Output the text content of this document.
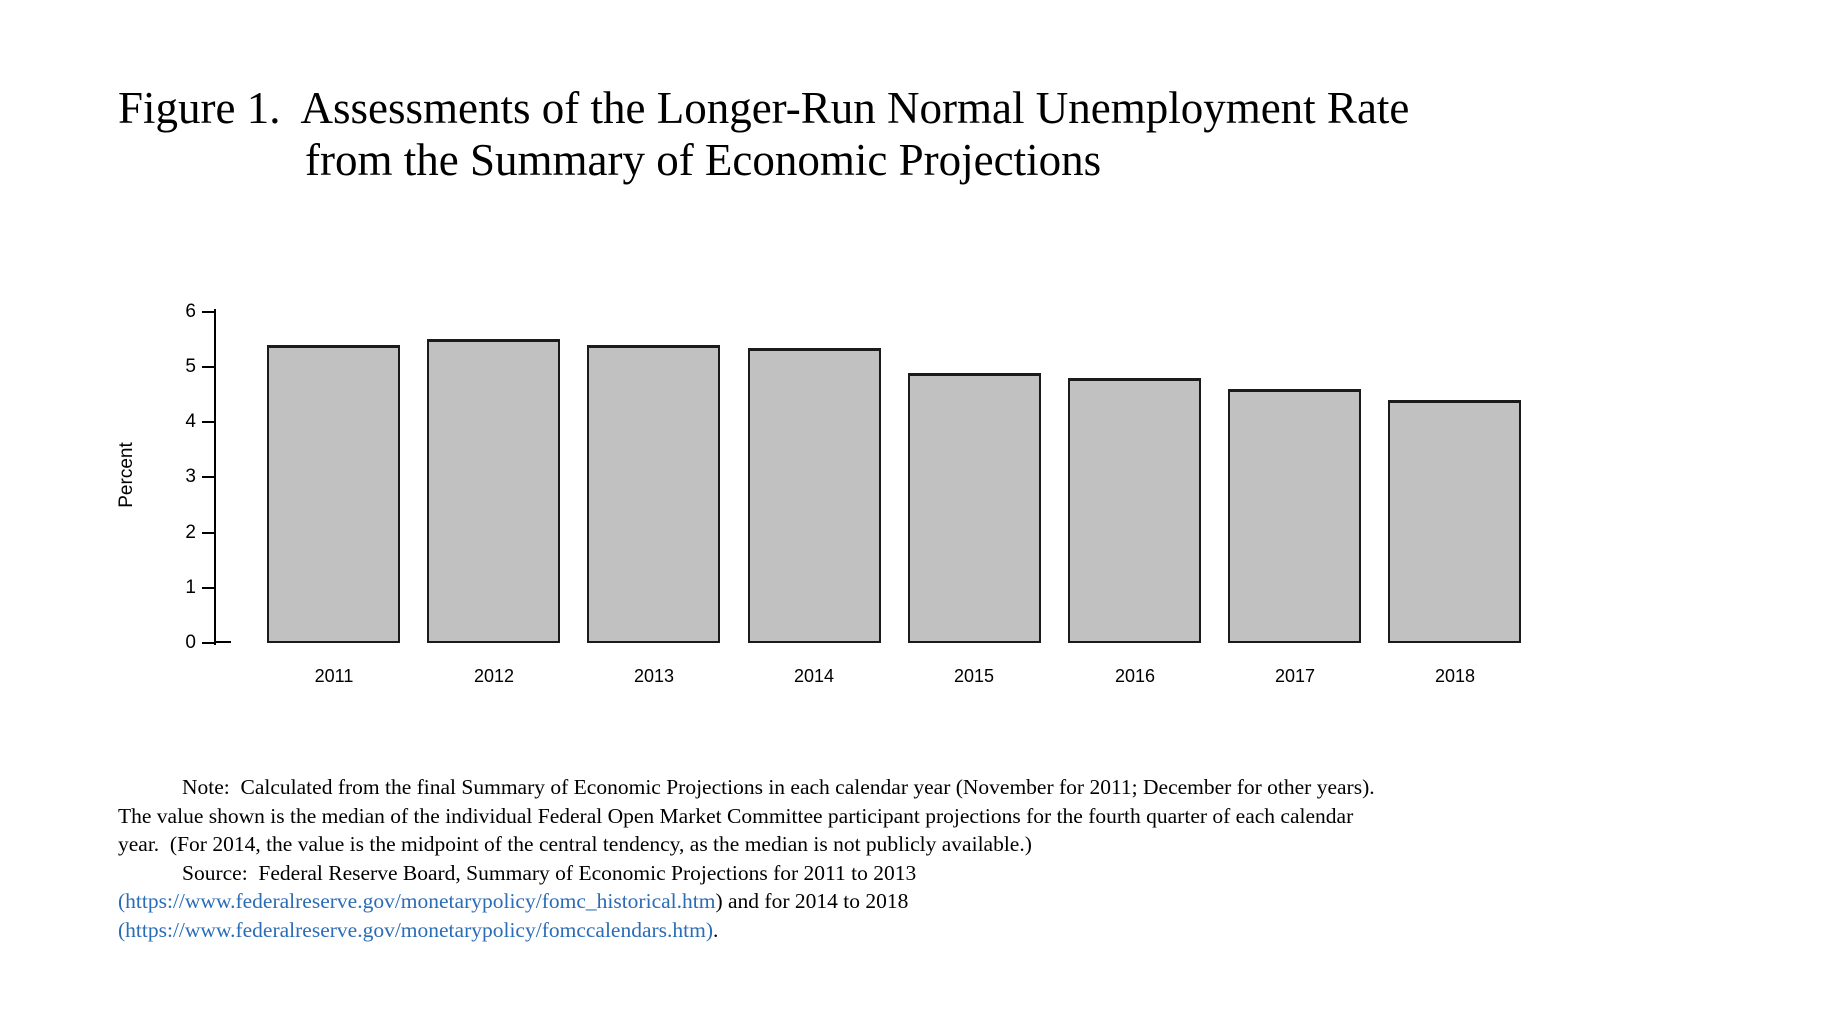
Figure 1.  Assessments of the Longer-Run Normal Unemployment Rate
from the Summary of Economic Projections
Percent
0
1
2
3
4
5
6
2011	2012	2013	2014	2015	2016	2017	2018
Note:  Calculated from the final Summary of Economic Projections in each calendar year (November for 2011; December for other years).
The value shown is the median of the individual Federal Open Market Committee participant projections for the fourth quarter of each calendar
year.  (For 2014, the value is the midpoint of the central tendency, as the median is not publicly available.)
Source:  Federal Reserve Board, Summary of Economic Projections for 2011 to 2013
(https://www.federalreserve.gov/monetarypolicy/fomc_historical.htm) and for 2014 to 2018
(https://www.federalreserve.gov/monetarypolicy/fomccalendars.htm).
